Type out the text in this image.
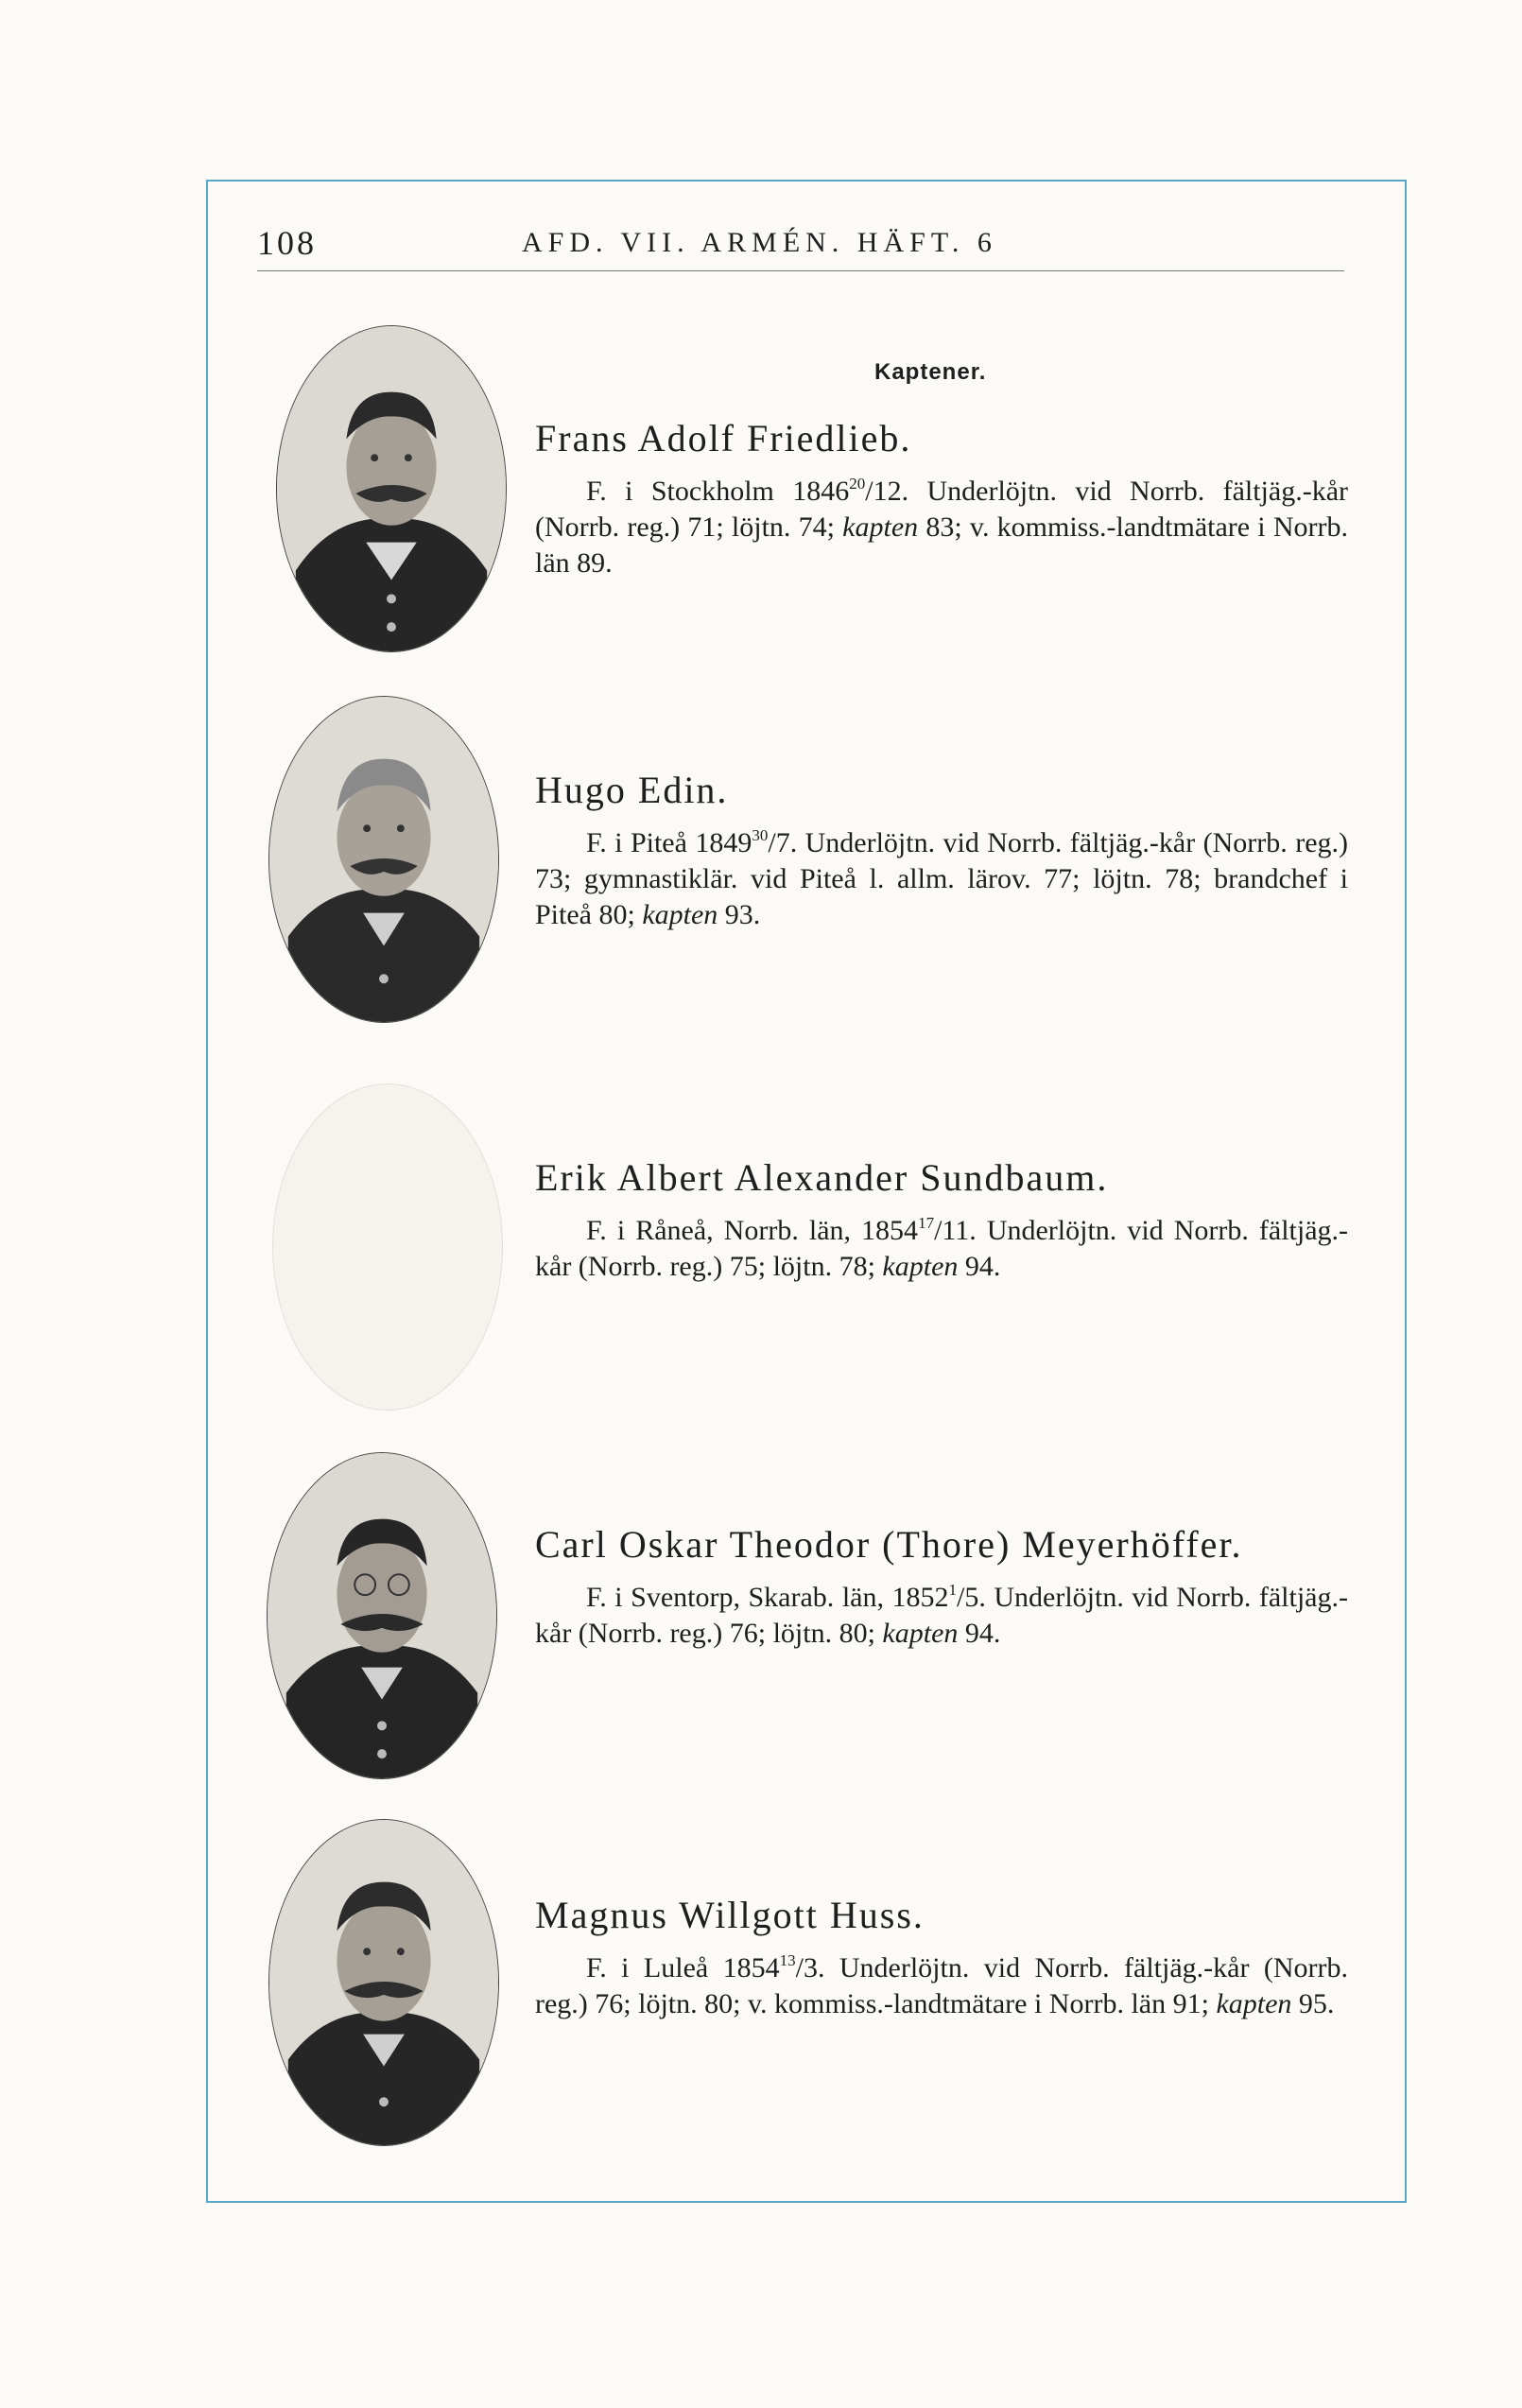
108	AFD. VII. ARMÉN. HÄFT. 6
Kaptener.

Frans Adolf Friedlieb.

F. i Stockholm 1846$^{20}$/12. Underlöjtn. vid Norrb. fältjäg.-kår (Norrb. reg.) 71; löjtn. 74; kapten 83; v. kommiss.-landtmätare i Norrb. län 89.

Hugo Edin.

F. i Piteå 1849$^{30}$/7. Underlöjtn. vid Norrb. fältjäg.-kår (Norrb. reg.) 73; gymnastiklär. vid Piteå l. allm. lärov. 77; löjtn. 78; brandchef i Piteå 80; kapten 93.

Erik Albert Alexander Sundbaum.

F. i Råneå, Norrb. län, 1854$^{17}$/11. Underlöjtn. vid Norrb. fältjäg.-kår (Norrb. reg.) 75; löjtn. 78; kapten 94.

Carl Oskar Theodor (Thore) Meyerhöffer.

F. i Sventorp, Skarab. län, 1852$^1$/5. Underlöjtn. vid Norrb. fältjäg.-kår (Norrb. reg.) 76; löjtn. 80; kapten 94.

Magnus Willgott Huss.

F. i Luleå 1854$^{13}$/3. Underlöjtn. vid Norrb. fältjäg.-kår (Norrb. reg.) 76; löjtn. 80; v. kommiss.-landtmätare i Norrb. län 91; kapten 95.
